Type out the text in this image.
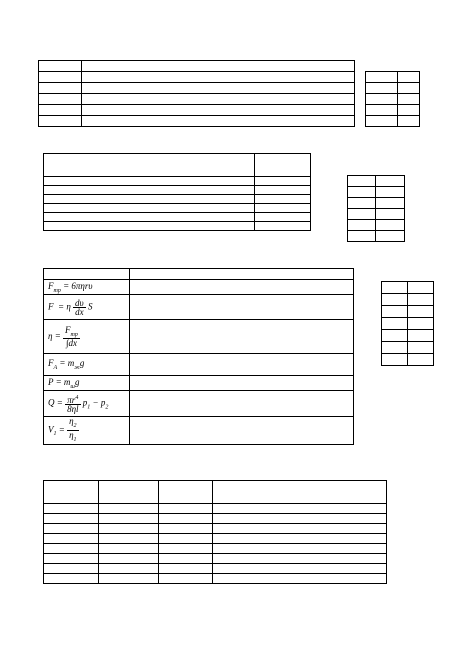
$F_{тр} = 6\pi\eta r\upsilon$	
F = η $\frac{d\upsilon}{dx}$ S	
$\eta = \frac{F_{тр}}{\int dx}$

$F_A = m_жg$	
$P = m_шg$	
$Q = \frac{\pi r^4}{8\eta l} p_1 - p_2$	
$V_1 = \frac{\eta_2}{\eta_1}$
